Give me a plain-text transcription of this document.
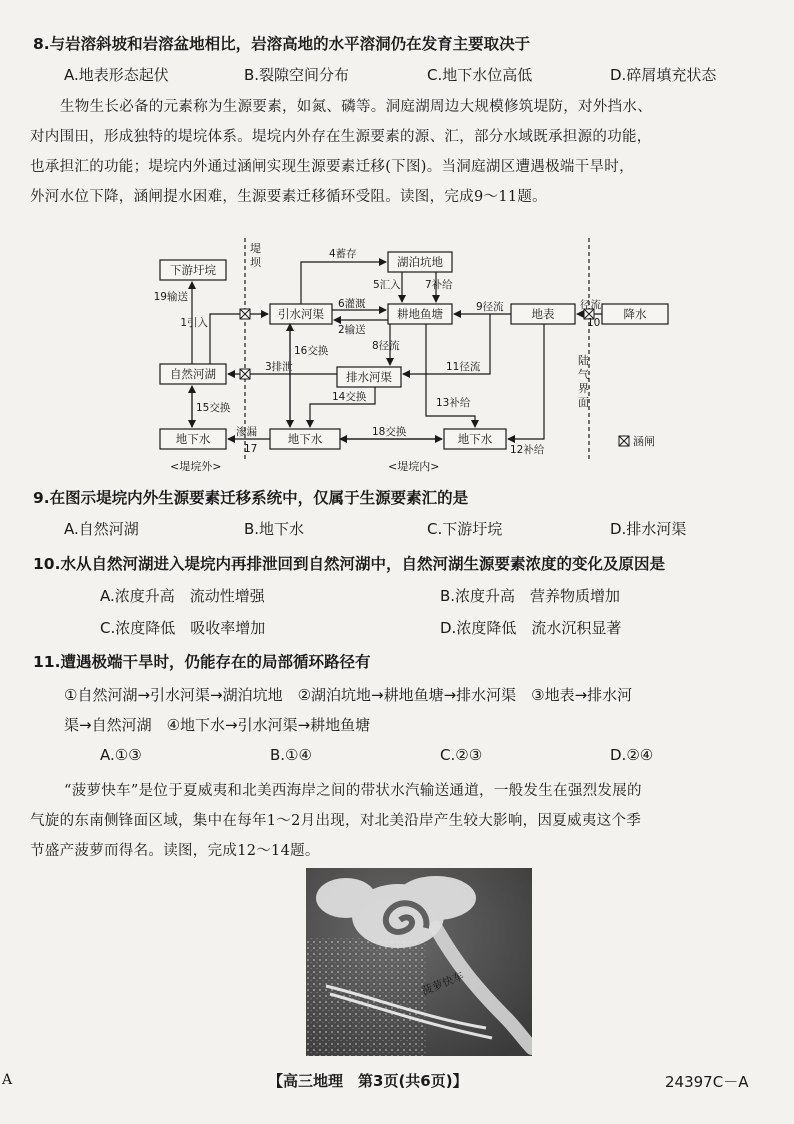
8.与岩溶斜坡和岩溶盆地相比，岩溶高地的水平溶洞仍在发育主要取决于
A.地表形态起伏	B.裂隙空间分布	C.地下水位高低	D.碎屑填充状态
生物生长必备的元素称为生源要素，如氮、磷等。洞庭湖周边大规模修筑堤防，对外挡水、
对内围田，形成独特的堤垸体系。堤垸内外存在生源要素的源、汇，部分水域既承担源的功能，
也承担汇的功能；堤垸内外通过涵闸实现生源要素迁移(下图)。当洞庭湖区遭遇极端干旱时，
外河水位下降，涵闸提水困难，生源要素迁移循环受阻。读图，完成9～11题。
下游圩垸
自然河湖
地下水
引水河渠
湖泊坑地
耕地鱼塘
排水河渠
地下水	地下水
地表	降水
19输送
1引入
3排泄
15交换
渗漏
17
4蓄存
5汇入 7补给
6灌溉
2输送
8径流
16交换
9径流	径流
10
11径流
13补给
14交换
18交换
12补给
堤
坝
陆
气
界
面
<堤垸外>	<堤垸内>
涵闸
9.在图示堤垸内外生源要素迁移系统中，仅属于生源要素汇的是
A.自然河湖	B.地下水	C.下游圩垸	D.排水河渠
10.水从自然河湖进入堤垸内再排泄回到自然河湖中，自然河湖生源要素浓度的变化及原因是
A.浓度升高　流动性增强	B.浓度升高　营养物质增加
C.浓度降低　吸收率增加	D.浓度降低　流水沉积显著
11.遭遇极端干旱时，仍能存在的局部循环路径有
①自然河湖→引水河渠→湖泊坑地　②湖泊坑地→耕地鱼塘→排水河渠　③地表→排水河
渠→自然河湖　④地下水→引水河渠→耕地鱼塘
A.①③	B.①④	C.②③	D.②④
“菠萝快车”是位于夏威夷和北美西海岸之间的带状水汽输送通道，一般发生在强烈发展的
气旋的东南侧锋面区域，集中在每年1～2月出现，对北美沿岸产生较大影响，因夏威夷这个季
节盛产菠萝而得名。读图，完成12～14题。
菠萝快车
A	【高三地理　第3页(共6页)】	24397C－A
